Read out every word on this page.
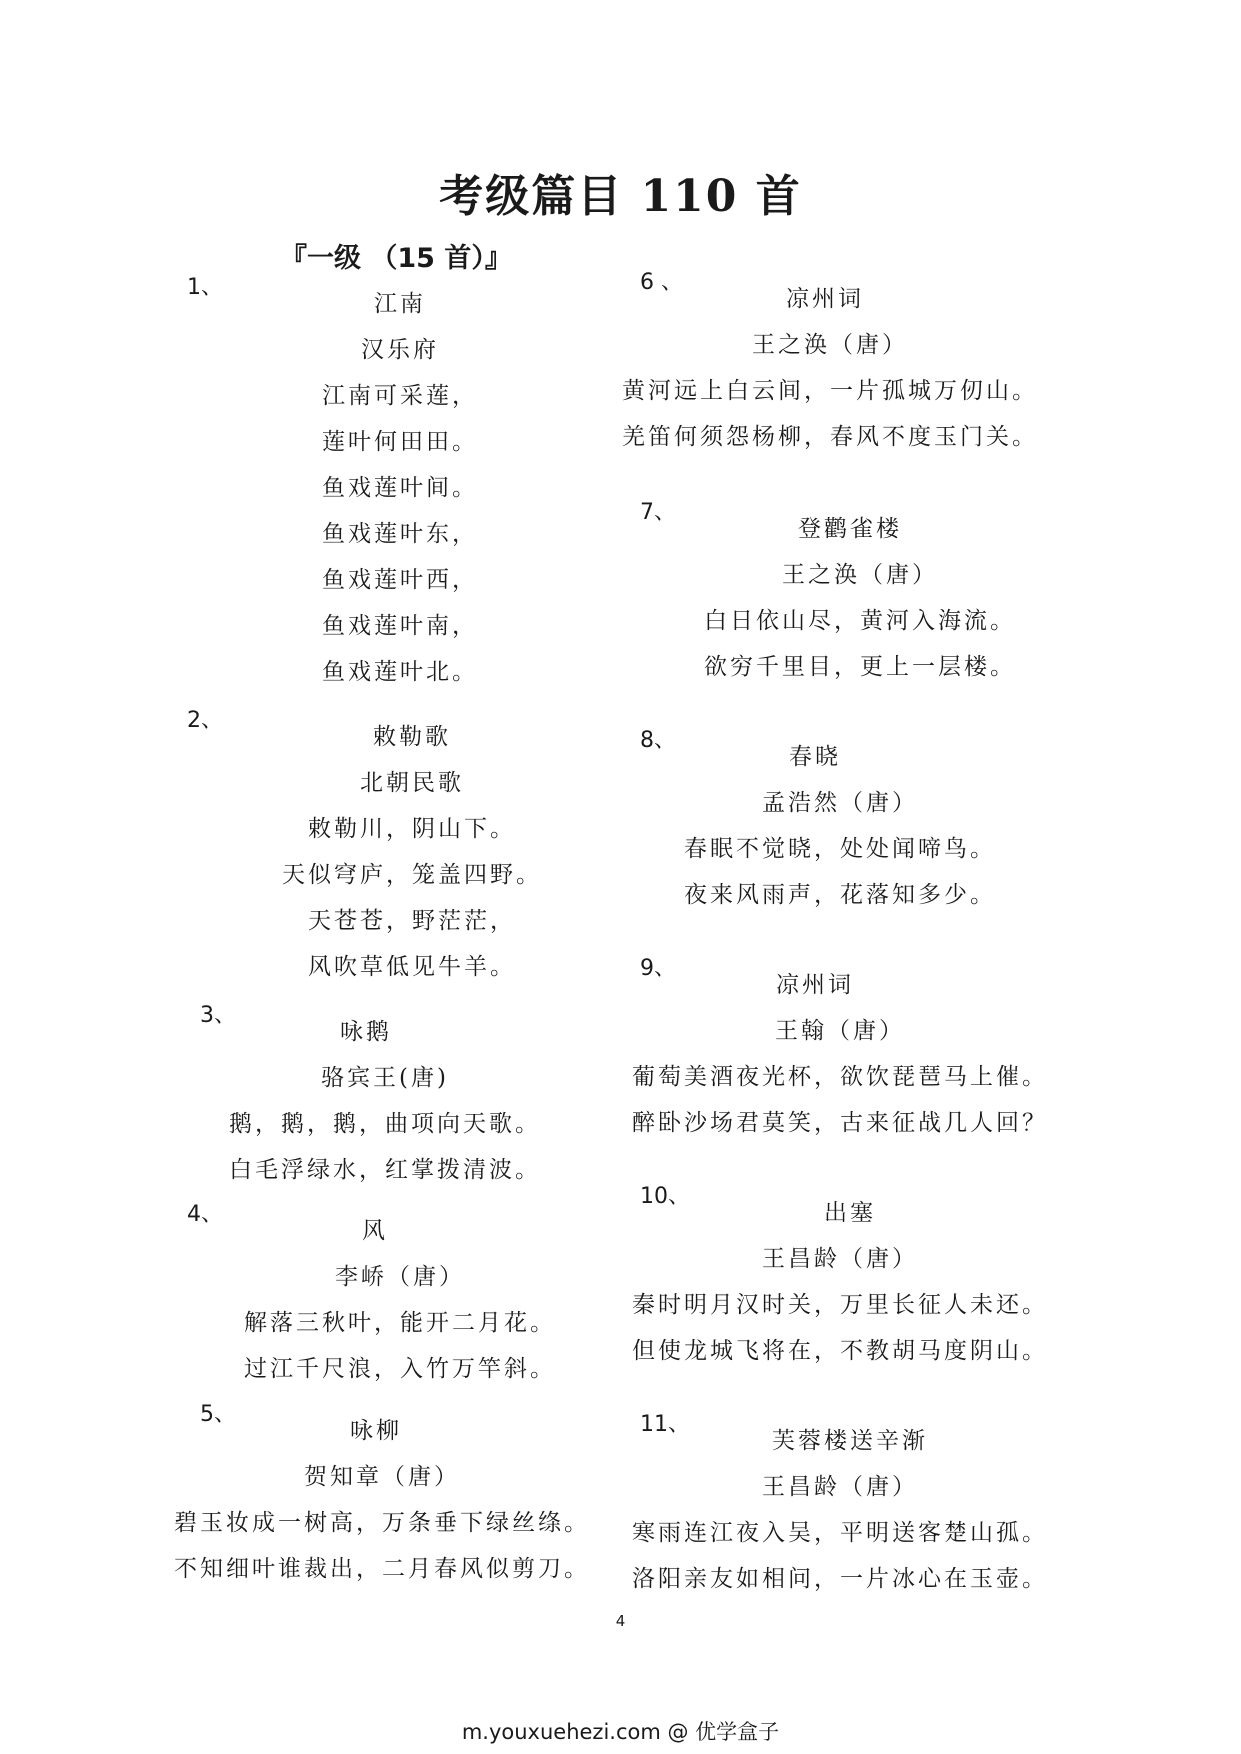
考级篇目 110 首
『一级 （15 首）』
1、
江南
汉乐府
江南可采莲，
莲叶何田田。
鱼戏莲叶间。
鱼戏莲叶东，
鱼戏莲叶西，
鱼戏莲叶南，
鱼戏莲叶北。
2、
敕勒歌
北朝民歌
敕勒川，阴山下。
天似穹庐，笼盖四野。
天苍苍，野茫茫，
风吹草低见牛羊。
3、
咏鹅
骆宾王(唐)
鹅，鹅，鹅，曲项向天歌。
白毛浮绿水，红掌拨清波。
4、
风
李峤（唐）
解落三秋叶，能开二月花。
过江千尺浪，入竹万竿斜。
5、
咏柳
贺知章（唐）
碧玉妆成一树高，万条垂下绿丝绦。
不知细叶谁裁出，二月春风似剪刀。
6 、
凉州词
王之涣（唐）
黄河远上白云间，一片孤城万仞山。
羌笛何须怨杨柳，春风不度玉门关。
7、
登鹳雀楼
王之涣（唐）
白日依山尽，黄河入海流。
欲穷千里目，更上一层楼。
8、
春晓
孟浩然（唐）
春眠不觉晓，处处闻啼鸟。
夜来风雨声，花落知多少。
9、
凉州词
王翰（唐）
葡萄美酒夜光杯，欲饮琵琶马上催。
醉卧沙场君莫笑，古来征战几人回？
10、
出塞
王昌龄（唐）
秦时明月汉时关，万里长征人未还。
但使龙城飞将在，不教胡马度阴山。
11、
芙蓉楼送辛渐
王昌龄（唐）
寒雨连江夜入吴，平明送客楚山孤。
洛阳亲友如相问，一片冰心在玉壶。
4
m.youxuehezi.com @ 优学盒子
